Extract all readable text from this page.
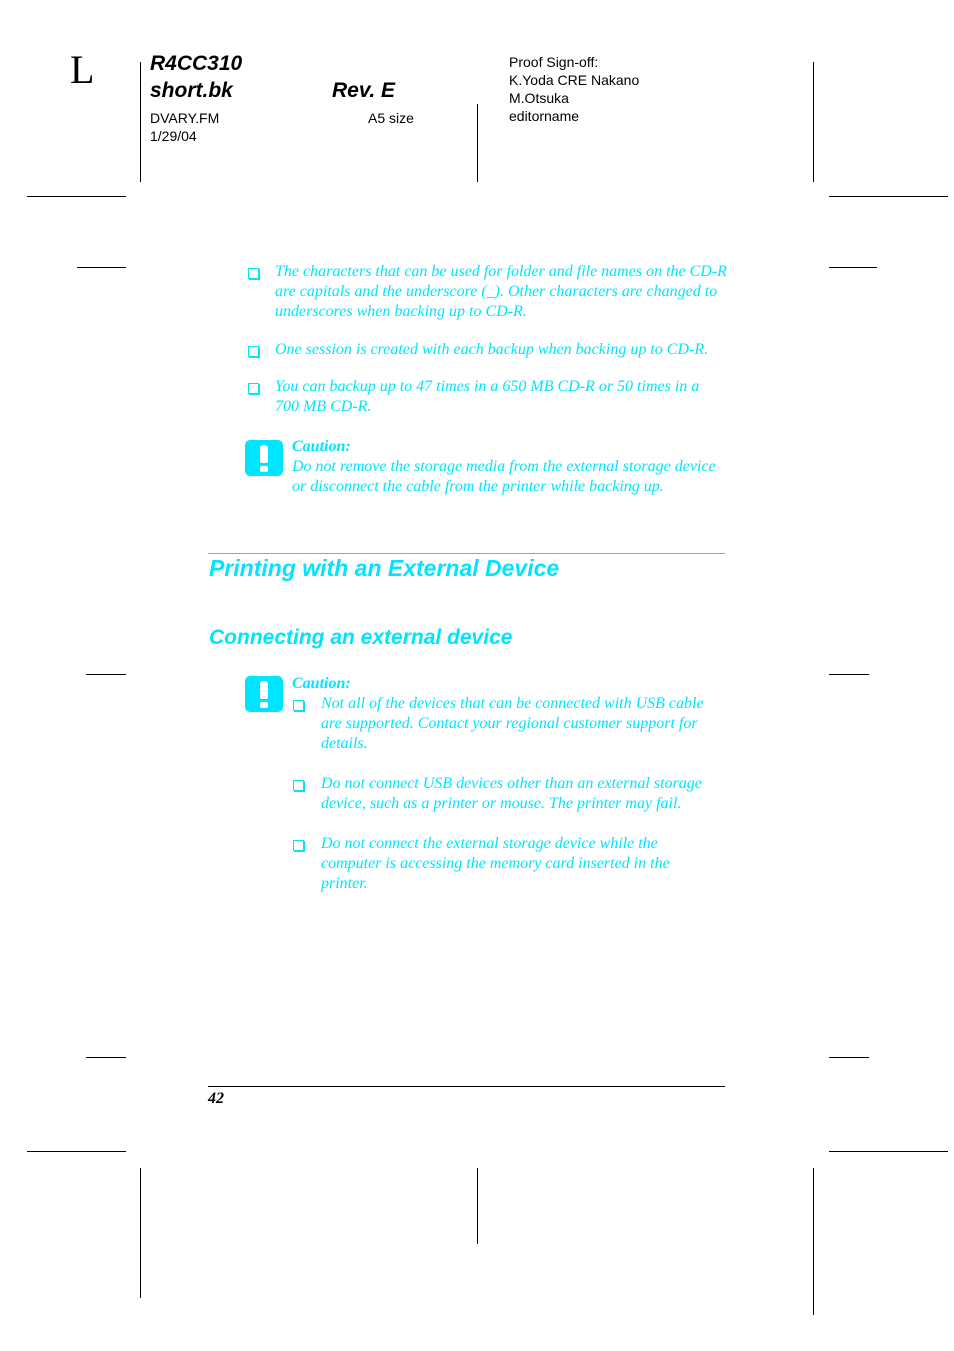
L	R4CC310
short.bk	Rev. E
DVARY.FM
1/29/04
A5 size
Proof Sign-off:
K.Yoda CRE Nakano
M.Otsuka
editorname
The characters that can be used for folder and file names on the CD-R are capitals and the underscore (_). Other characters are changed to underscores when backing up to CD-R.
One session is created with each backup when backing up to CD-R.
You can backup up to 47 times in a 650 MB CD-R or 50 times in a 700 MB CD-R.
Caution:
Do not remove the storage media from the external storage device or disconnect the cable from the printer while backing up.
Printing with an External Device
Connecting an external device
Caution:
Not all of the devices that can be connected with USB cable are supported. Contact your regional customer support for details.
Do not connect USB devices other than an external storage device, such as a printer or mouse. The printer may fail.
Do not connect the external storage device while the computer is accessing the memory card inserted in the printer.
42
